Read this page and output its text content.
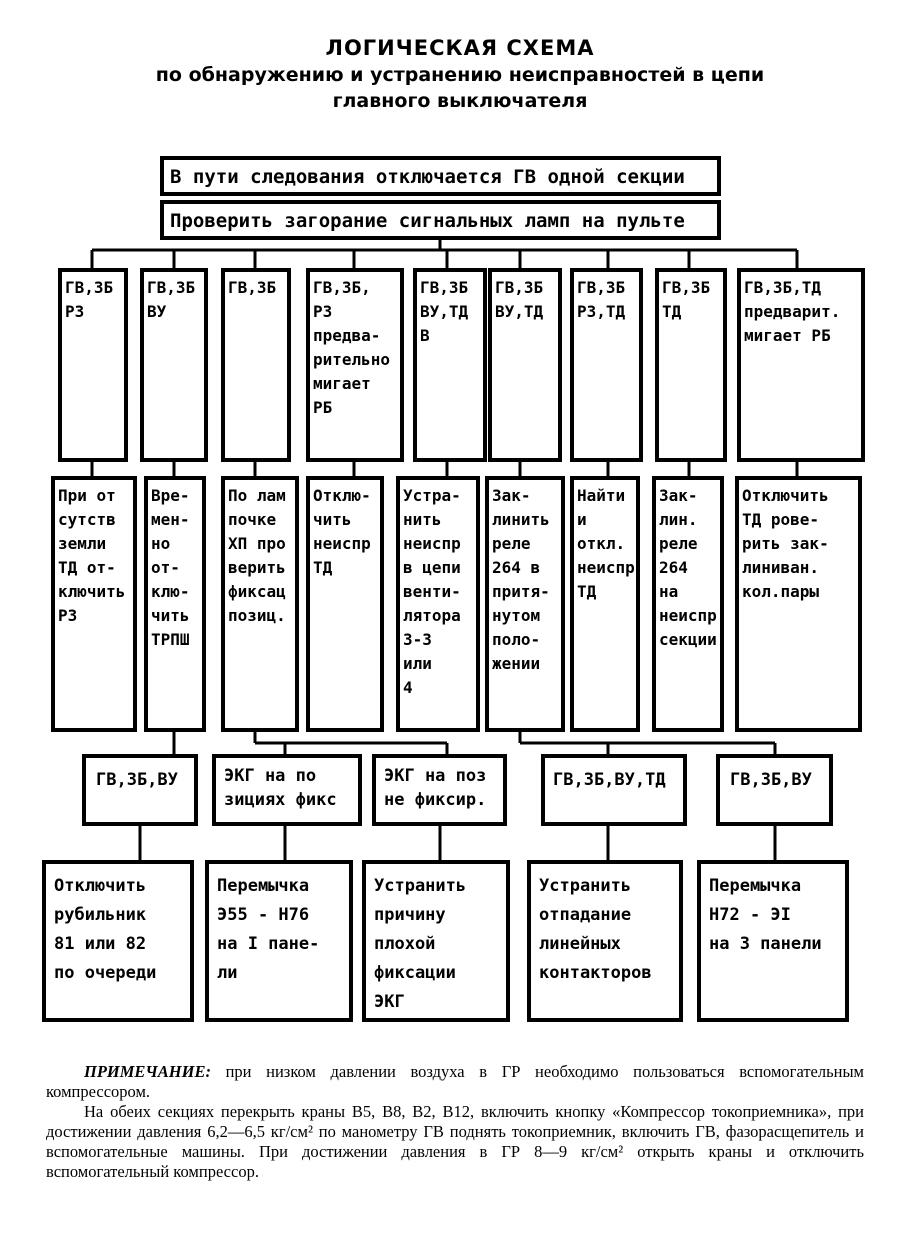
ЛОГИЧЕСКАЯ СХЕМА
по обнаружению и устранению неисправностей в цепи
главного выключателя
В пути следования отключается ГВ одной секции
Проверить загорание сигнальных ламп на пульте
ГВ,ЗБ
РЗ
ГВ,ЗБ
ВУ
ГВ,ЗБ	ГВ,ЗБ,
РЗ
предва-
рительно
мигает
РБ
ГВ,ЗБ
ВУ,ТД
В
ГВ,ЗБ
ВУ,ТД
ГВ,ЗБ
РЗ,ТД
ГВ,ЗБ
ТД
ГВ,ЗБ,ТД
предварит.
мигает РБ
При от
сутств
земли
ТД от-
ключить
РЗ
Вре-
мен-
но
от-
клю-
чить
ТРПШ
По лам
почке
ХП про
верить
фиксац
позиц.
Отклю-
чить
неиспр
ТД
Устра-
нить
неиспр
в цепи
венти-
лятора
3-3
или
4
Зак-
линить
реле
264 в
притя-
нутом
поло-
жении
Найти
и
откл.
неиспр
ТД
Зак-
лин.
реле
264
на
неиспр
секции
Отключить
ТД рове-
рить зак-
линиван.
кол.пары
ГВ,ЗБ,ВУ	ЭКГ на по
зициях фикс
ЭКГ на поз
не фиксир.
ГВ,ЗБ,ВУ,ТД	ГВ,ЗБ,ВУ
Отключить
рубильник
81 или 82
по очереди
Перемычка
Э55 - Н76
на I пане-
ли
Устранить
причину
плохой
фиксации
ЭКГ
Устранить
отпадание
линейных
контакторов
Перемычка
Н72 - ЭI
на 3 панели

ПРИМЕЧАНИЕ: при низком давлении воздуха в ГР необходимо пользоваться вспомогательным компрессором.

На обеих секциях перекрыть краны В5, В8, В2, В12, включить кнопку «Компрессор токоприемника», при достижении давления 6,2—6,5 кг/см² по манометру ГВ поднять токоприемник, включить ГВ, фазорасщепитель и вспомогательные машины. При достижении давления в ГР 8—9 кг/см² открыть краны и отключить вспомогательный компрессор.
